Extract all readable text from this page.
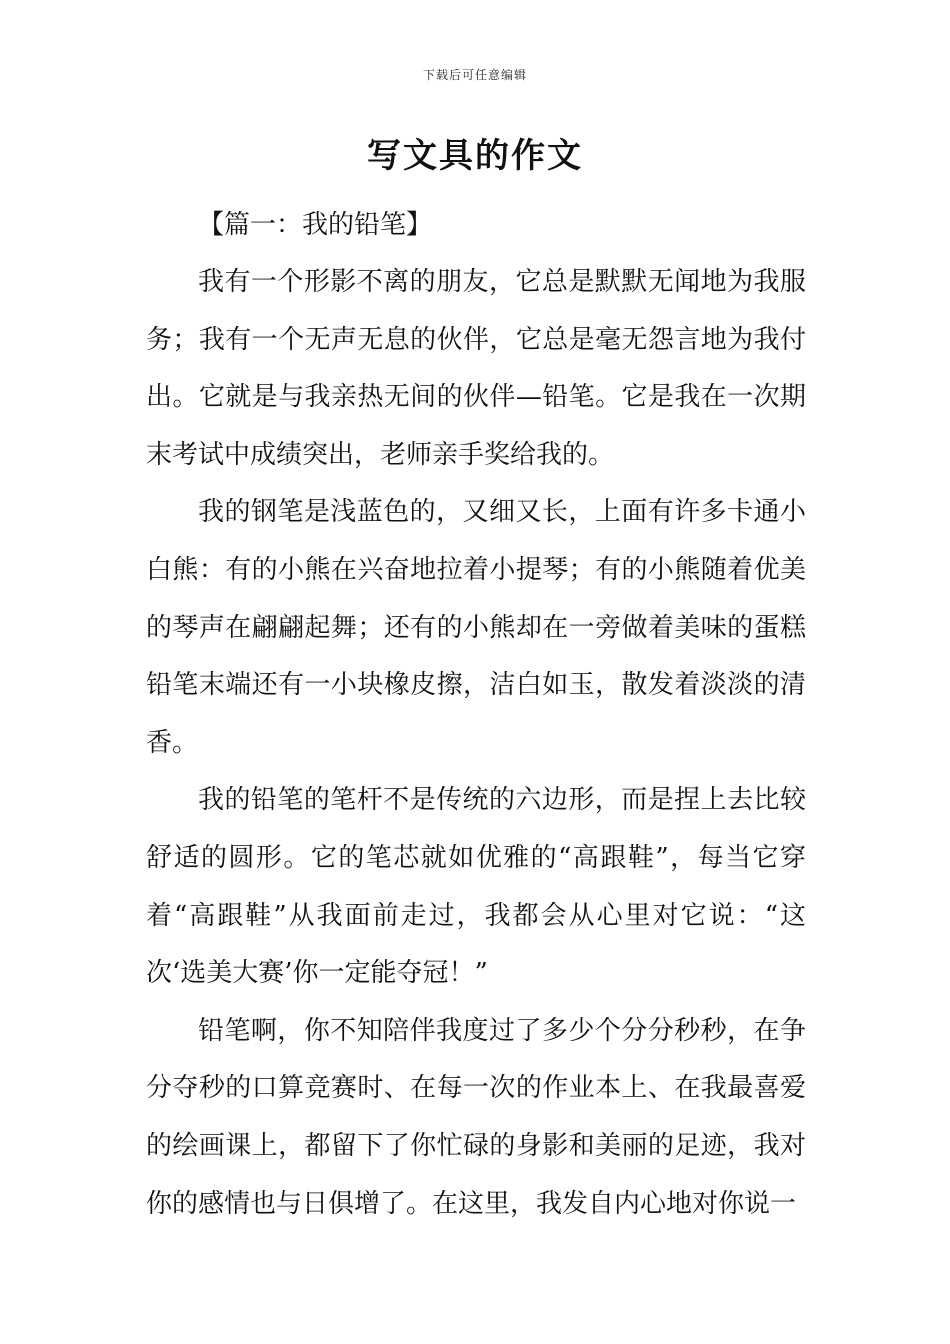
下载后可任意编辑
写文具的作文

【篇一：我的铅笔】

我有一个形影不离的朋友，它总是默默无闻地为我服务；我有一个无声无息的伙伴，它总是毫无怨言地为我付出。它就是与我亲热无间的伙伴—铅笔。它是我在一次期末考试中成绩突出，老师亲手奖给我的。

我的钢笔是浅蓝色的，又细又长，上面有许多卡通小白熊：有的小熊在兴奋地拉着小提琴；有的小熊随着优美的琴声在翩翩起舞；还有的小熊却在一旁做着美味的蛋糕铅笔末端还有一小块橡皮擦，洁白如玉，散发着淡淡的清香。

我的铅笔的笔杆不是传统的六边形，而是捏上去比较舒适的圆形。它的笔芯就如优雅的“高跟鞋”，每当它穿着“高跟鞋”从我面前走过，我都会从心里对它说：“这次‘选美大赛’你一定能夺冠！”

铅笔啊，你不知陪伴我度过了多少个分分秒秒，在争分夺秒的口算竞赛时、在每一次的作业本上、在我最喜爱的绘画课上，都留下了你忙碌的身影和美丽的足迹，我对你的感情也与日俱增了。在这里，我发自内心地对你说一
